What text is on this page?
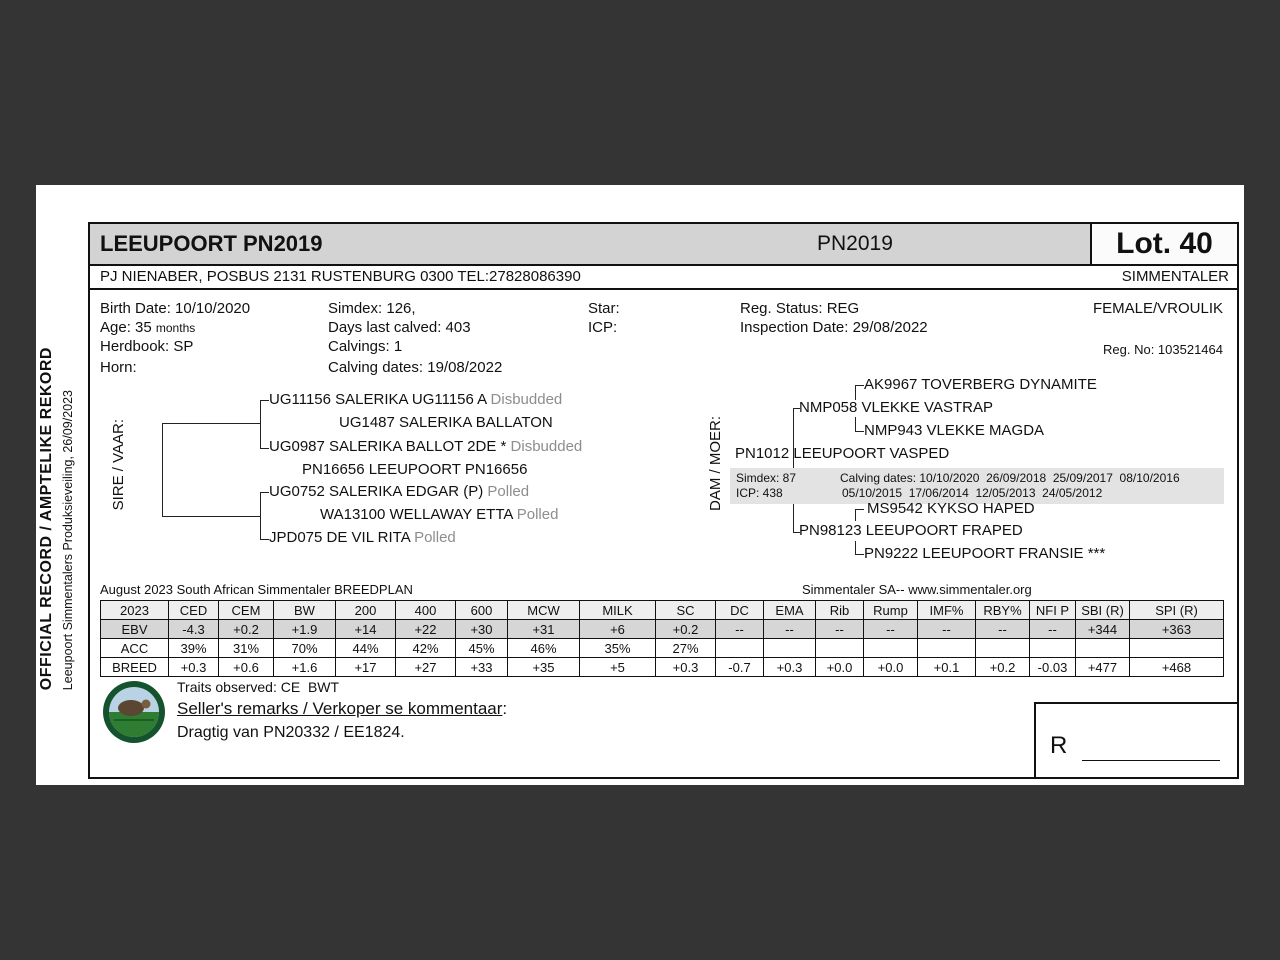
OFFICIAL RECORD / AMPTELIKE REKORD Leeupoort Simmentalers Produksieveiling, 26/09/2023
LEEUPOORT PN2019	PN2019	Lot. 40
PJ NIENABER, POSBUS 2131 RUSTENBURG 0300 TEL:27828086390	SIMMENTALER
Birth Date: 10/10/2020
Age: 35 months
Herdbook: SP
Horn:
Simdex: 126,
Days last calved: 403
Calvings: 1
Calving dates: 19/08/2022
Star:
ICP:
Reg. Status: REG
Inspection Date: 29/08/2022
FEMALE/VROULIK
Reg. No: 103521464
SIRE / VAAR:
UG11156 SALERIKA UG11156 A Disbudded
UG1487 SALERIKA BALLATON
UG0987 SALERIKA BALLOT 2DE * Disbudded
PN16656 LEEUPOORT PN16656
UG0752 SALERIKA EDGAR (P) Polled
WA13100 WELLAWAY ETTA Polled
JPD075 DE VIL RITA Polled
DAM / MOER:
AK9967 TOVERBERG DYNAMITE
NMP058 VLEKKE VASTRAP
NMP943 VLEKKE MAGDA
PN1012 LEEUPOORT VASPED
Simdex: 87	Calving dates: 10/10/2020  26/09/2018  25/09/2017  08/10/2016
ICP: 438	05/10/2015  17/06/2014  12/05/2013  24/05/2012
MS9542 KYKSO HAPED
PN98123 LEEUPOORT FRAPED
PN9222 LEEUPOORT FRANSIE ***
August 2023 South African Simmentaler BREEDPLAN	Simmentaler SA-- www.simmentaler.org
2023	CED	CEM	BW	200	400	600	MCW	MILK	SC	DC	EMA	Rib	Rump	IMF%	RBY%	NFI P	SBI (R)	SPI (R)
EBV	-4.3	+0.2	+1.9	+14	+22	+30	+31	+6	+0.2	--	--	--	--	--	--	--	+344	+363
ACC	39%	31%	70%	44%	42%	45%	46%	35%	27%									
BREED	+0.3	+0.6	+1.6	+17	+27	+33	+35	+5	+0.3	-0.7	+0.3	+0.0	+0.0	+0.1	+0.2	-0.03	+477	+468
Traits observed: CE  BWT
Seller's remarks / Verkoper se kommentaar:
Dragtig van PN20332 / EE1824.	R
